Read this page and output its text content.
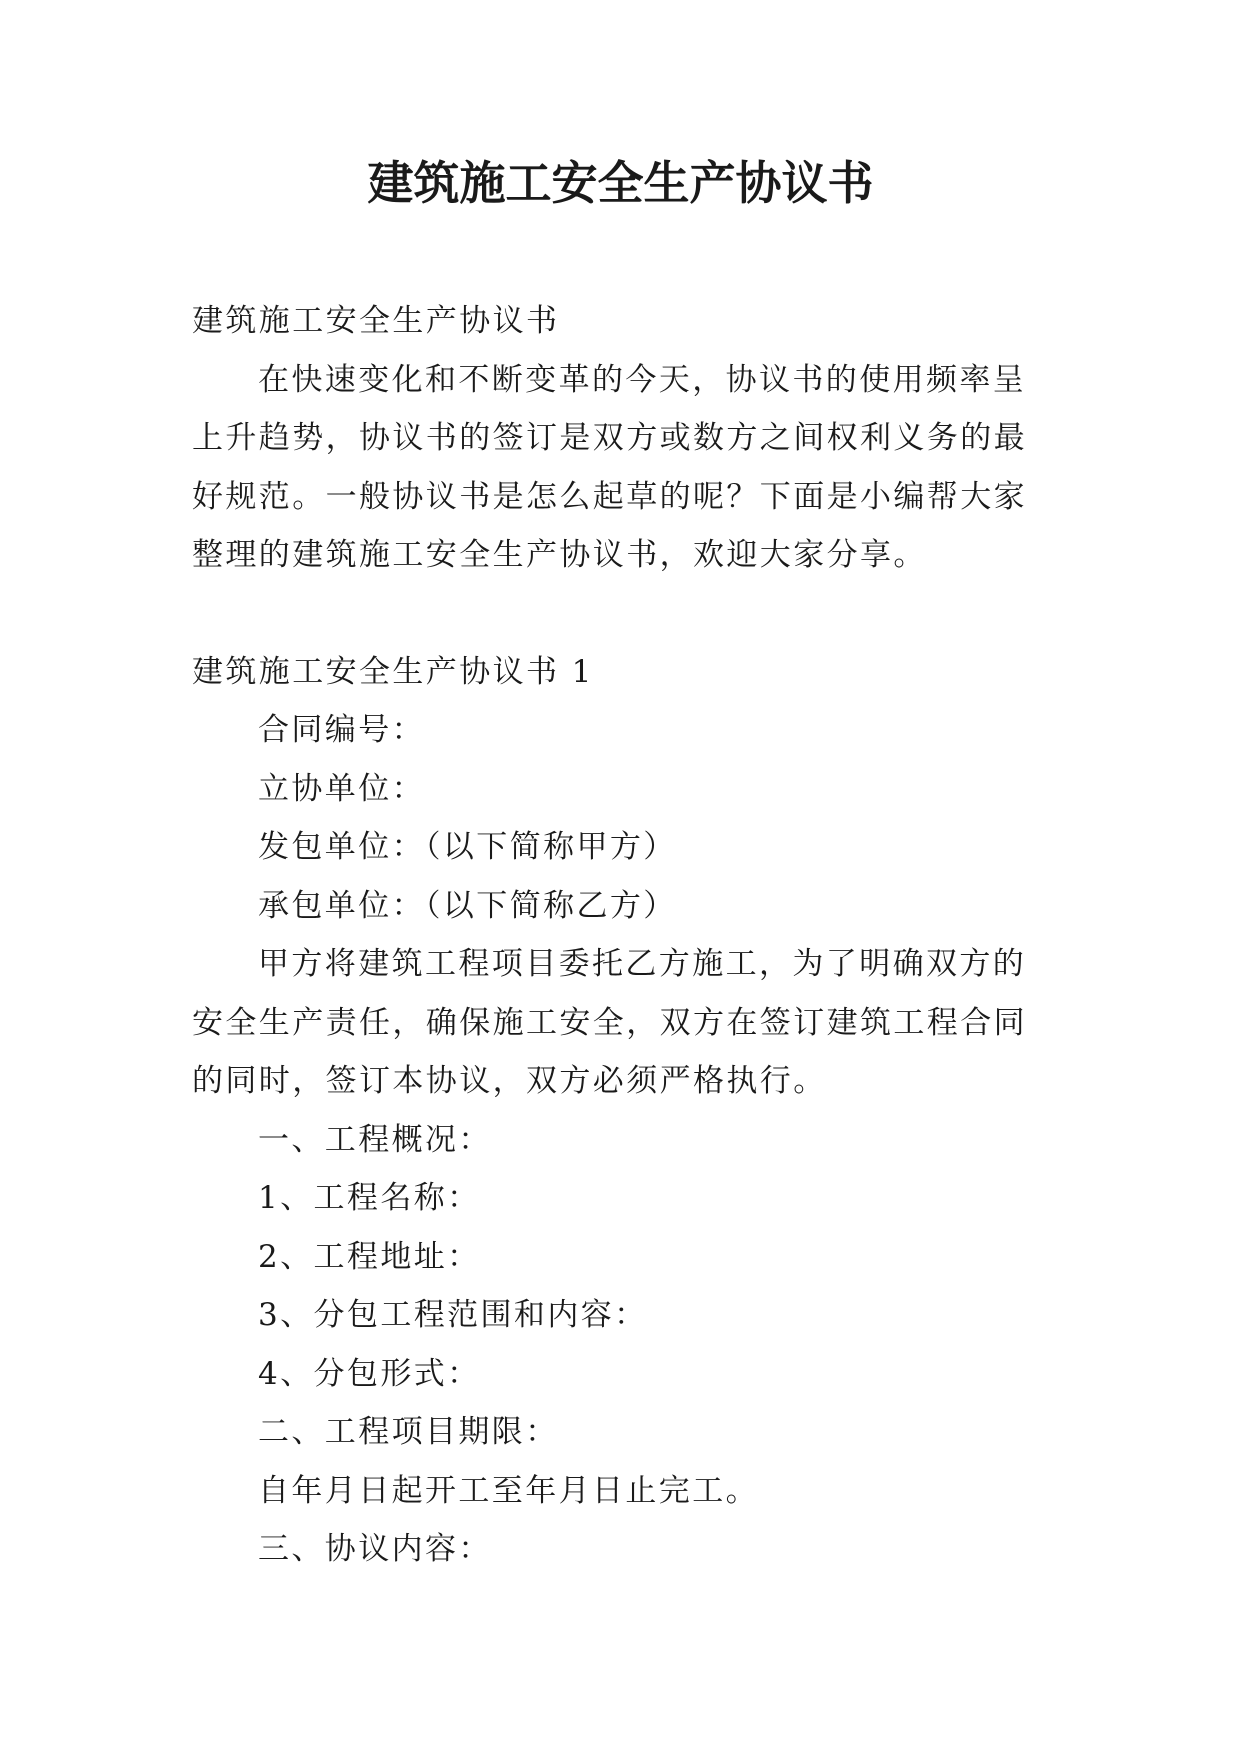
建筑施工安全生产协议书

建筑施工安全生产协议书

在快速变化和不断变革的今天，协议书的使用频率呈上升趋势，协议书的签订是双方或数方之间权利义务的最好规范。一般协议书是怎么起草的呢？下面是小编帮大家整理的建筑施工安全生产协议书，欢迎大家分享。

建筑施工安全生产协议书 1

合同编号：

立协单位：

发包单位：（以下简称甲方）

承包单位：（以下简称乙方）

甲方将建筑工程项目委托乙方施工，为了明确双方的安全生产责任，确保施工安全，双方在签订建筑工程合同的同时，签订本协议，双方必须严格执行。

一、工程概况：

1、工程名称：

2、工程地址：

3、分包工程范围和内容：

4、分包形式：

二、工程项目期限：

自年月日起开工至年月日止完工。

三、协议内容：
